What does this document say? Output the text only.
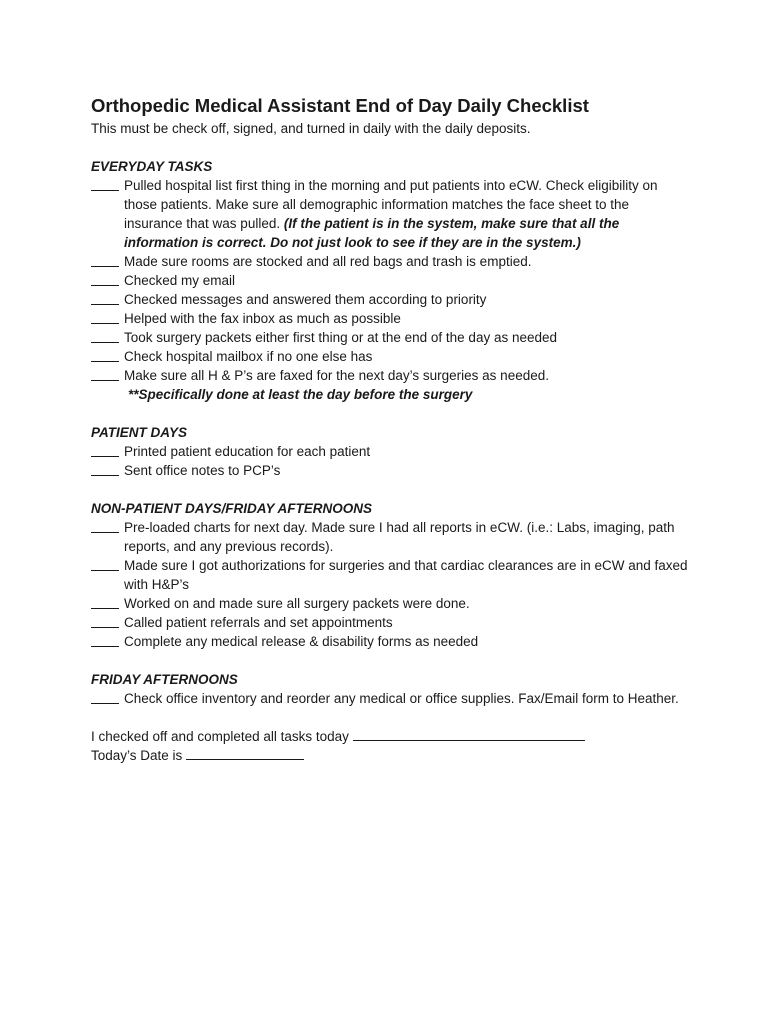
Orthopedic Medical Assistant End of Day Daily Checklist
This must be check off, signed, and turned in daily with the daily deposits.
EVERYDAY TASKS
Pulled hospital list first thing in the morning and put patients into eCW. Check eligibility on those patients. Make sure all demographic information matches the face sheet to the insurance that was pulled. (If the patient is in the system, make sure that all the information is correct. Do not just look to see if they are in the system.)
Made sure rooms are stocked and all red bags and trash is emptied.
Checked my email
Checked messages and answered them according to priority
Helped with the fax inbox as much as possible
Took surgery packets either first thing or at the end of the day as needed
Check hospital mailbox if no one else has
Make sure all H & P’s are faxed for the next day’s surgeries as needed.
**Specifically done at least the day before the surgery
PATIENT DAYS
Printed patient education for each patient
Sent office notes to PCP’s
NON-PATIENT DAYS/FRIDAY AFTERNOONS
Pre-loaded charts for next day. Made sure I had all reports in eCW. (i.e.: Labs, imaging, path reports, and any previous records).
Made sure I got authorizations for surgeries and that cardiac clearances are in eCW and faxed with H&P’s
Worked on and made sure all surgery packets were done.
Called patient referrals and set appointments
Complete any medical release & disability forms as needed
FRIDAY AFTERNOONS
Check office inventory and reorder any medical or office supplies. Fax/Email form to Heather.
I checked off and completed all tasks today
Today’s Date is
